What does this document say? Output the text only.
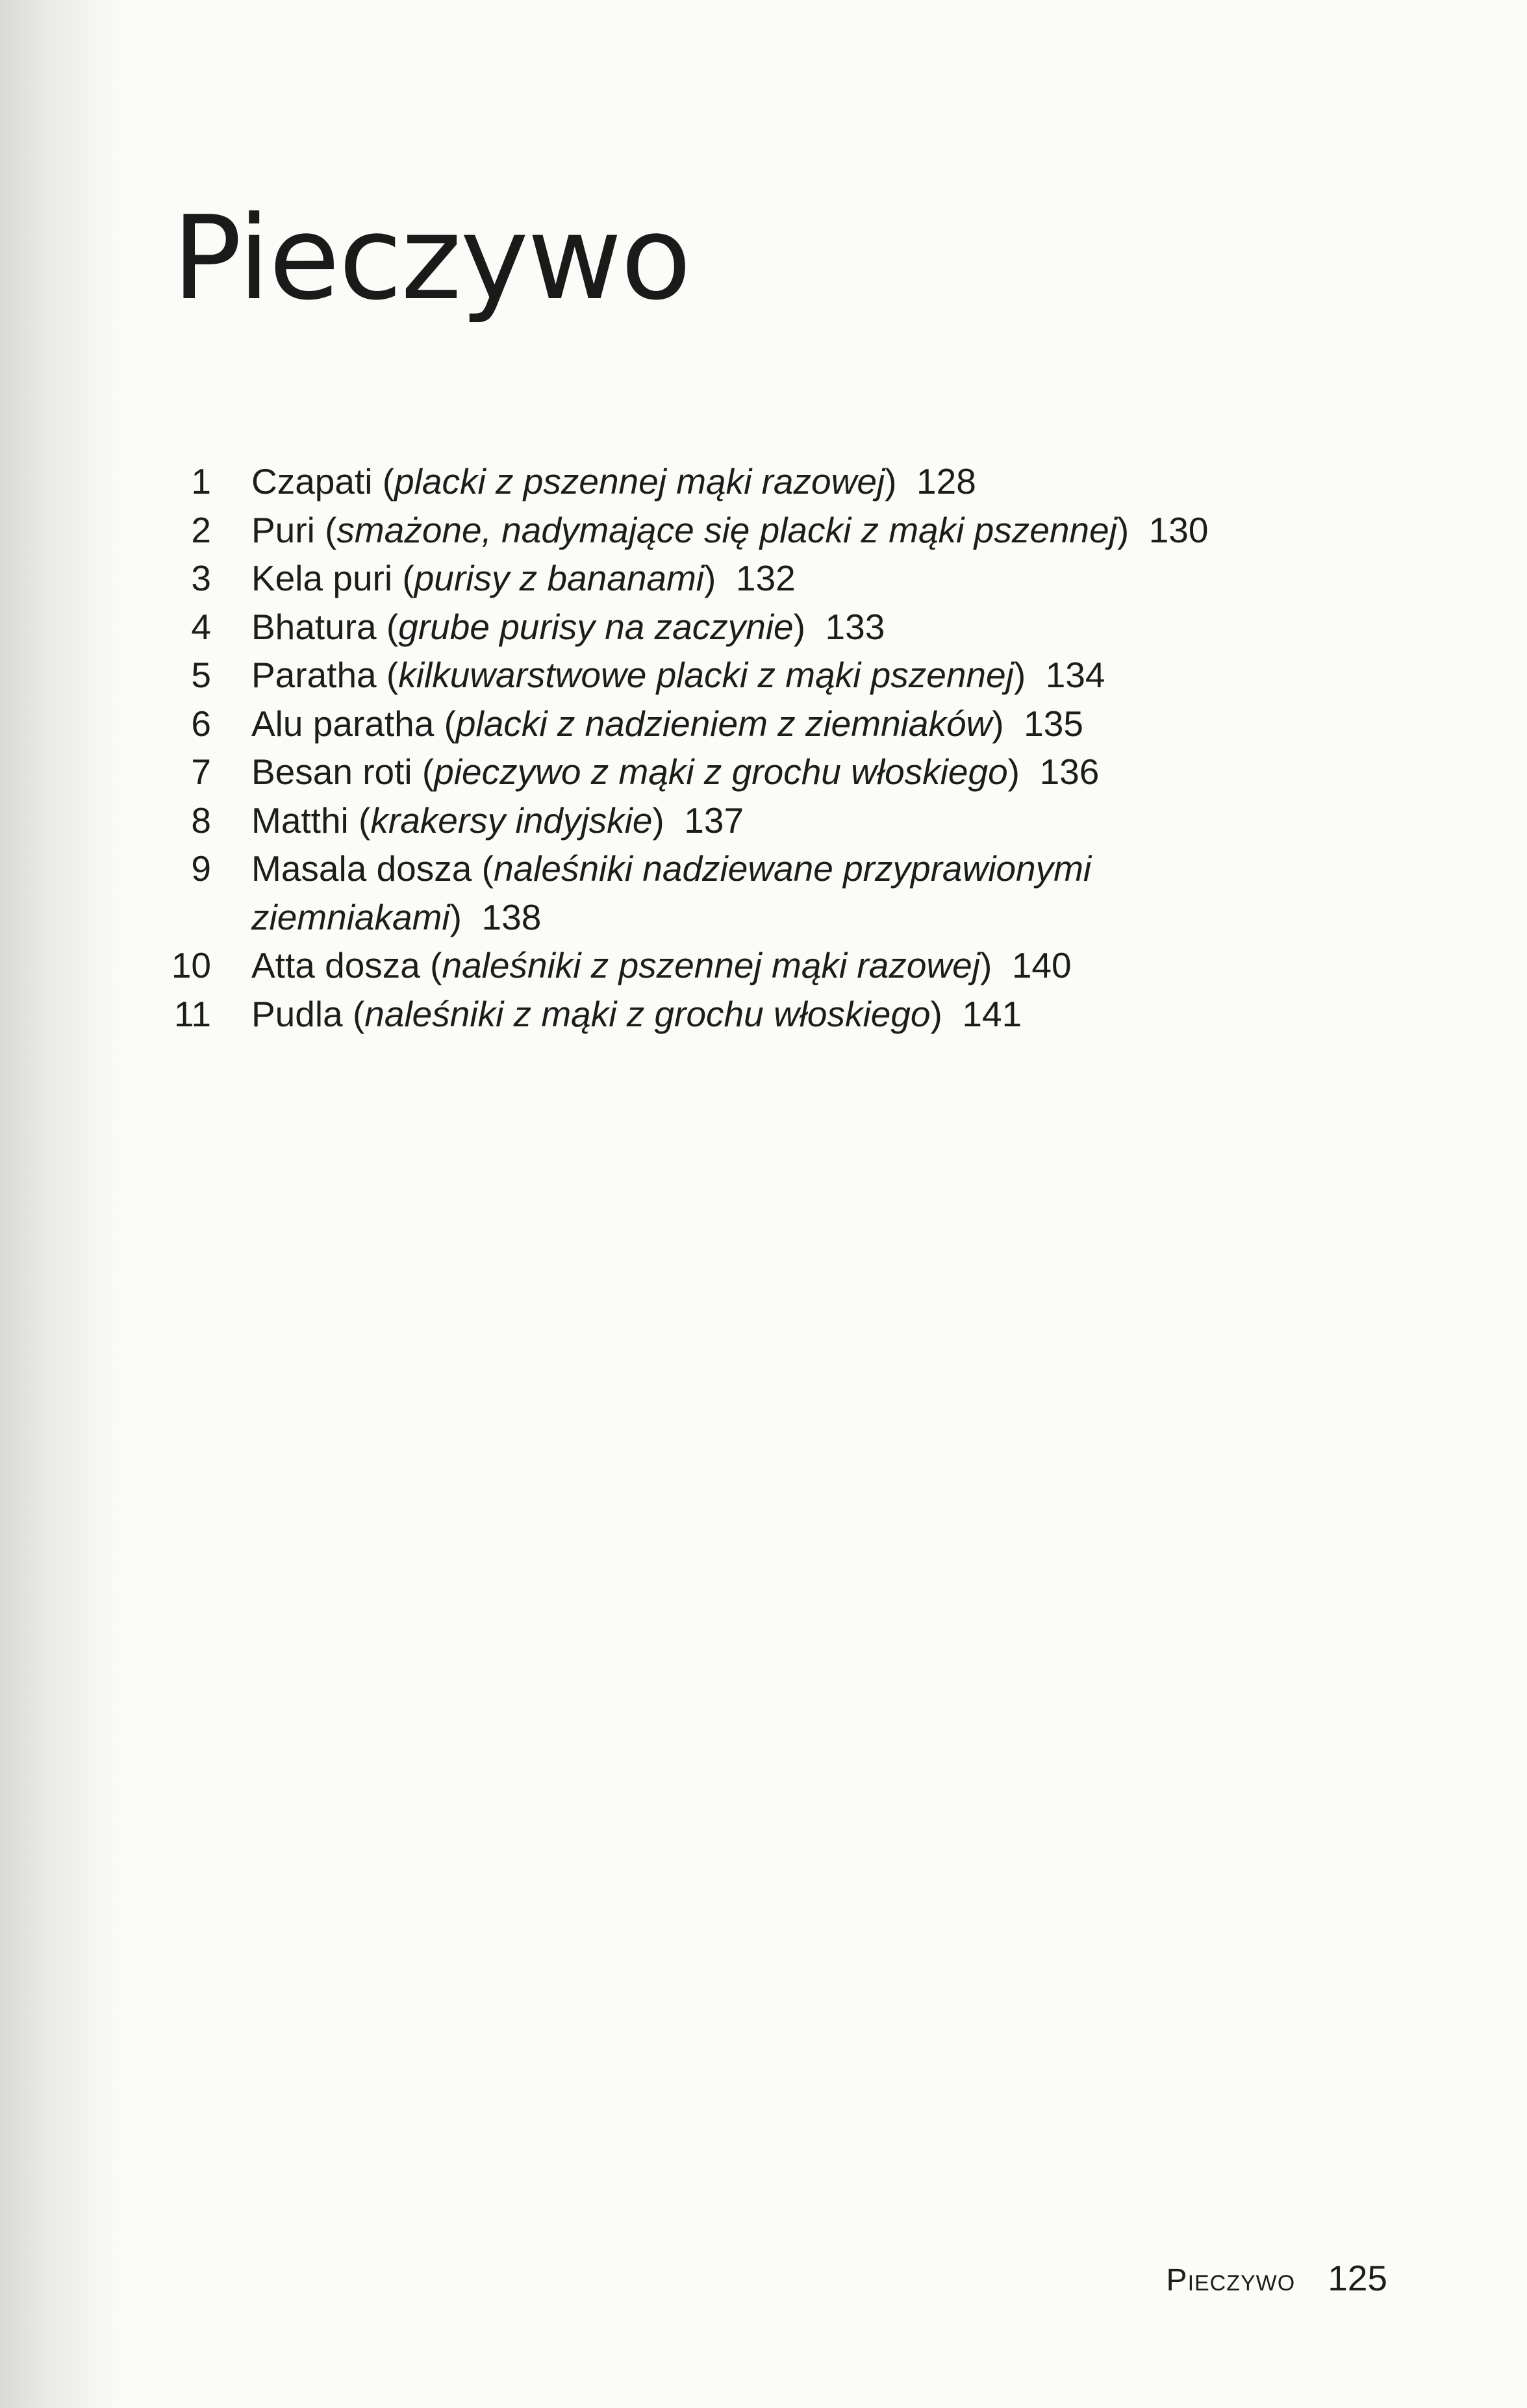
Pieczywo
1 Czapati (placki z pszennej mąki razowej)  128
2 Puri (smażone, nadymające się placki z mąki pszennej)  130
3 Kela puri (purisy z bananami)  132
4 Bhatura (grube purisy na zaczynie)  133
5 Paratha (kilkuwarstwowe placki z mąki pszennej)  134
6 Alu paratha (placki z nadzieniem z ziemniaków)  135
7 Besan roti (pieczywo z mąki z grochu włoskiego)  136
8 Matthi (krakersy indyjskie)  137
9 Masala dosza (naleśniki nadziewane przyprawionymi ziemniakami)  138
10 Atta dosza (naleśniki z pszennej mąki razowej)  140
11 Pudla (naleśniki z mąki z grochu włoskiego)  141
Pieczywo 125
